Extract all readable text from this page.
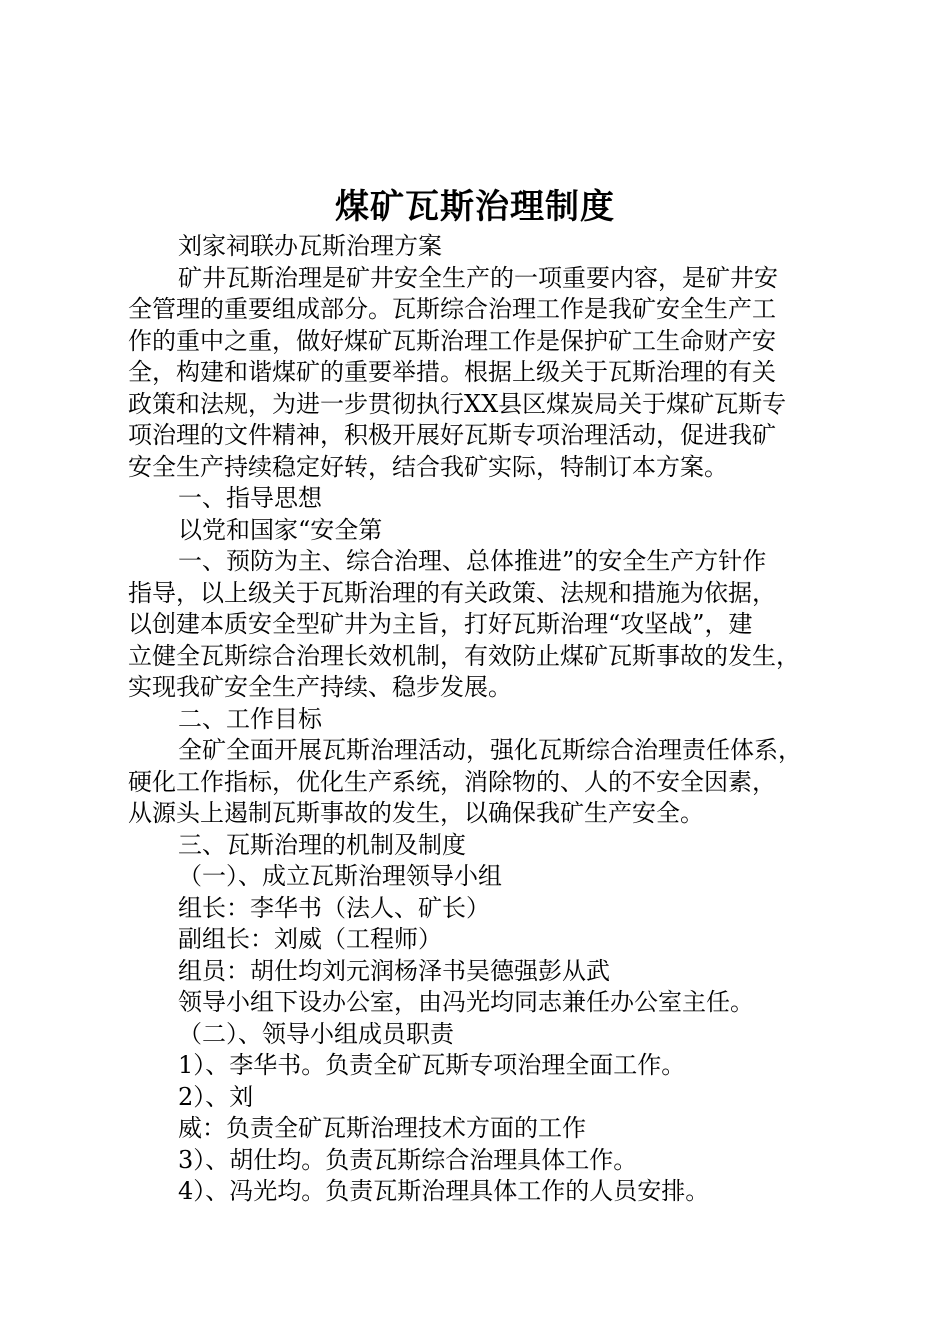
煤矿瓦斯治理制度

刘家祠联办瓦斯治理方案

矿井瓦斯治理是矿井安全生产的一项重要内容，是矿井安

全管理的重要组成部分。瓦斯综合治理工作是我矿安全生产工

作的重中之重，做好煤矿瓦斯治理工作是保护矿工生命财产安

全，构建和谐煤矿的重要举措。根据上级关于瓦斯治理的有关

政策和法规，为进一步贯彻执行XX县区煤炭局关于煤矿瓦斯专

项治理的文件精神，积极开展好瓦斯专项治理活动，促进我矿

安全生产持续稳定好转，结合我矿实际，特制订本方案。

一、指导思想

以党和国家“安全第

一、预防为主、综合治理、总体推进”的安全生产方针作

指导，以上级关于瓦斯治理的有关政策、法规和措施为依据，

以创建本质安全型矿井为主旨，打好瓦斯治理“攻坚战”，建

立健全瓦斯综合治理长效机制，有效防止煤矿瓦斯事故的发生，

实现我矿安全生产持续、稳步发展。

二、工作目标

全矿全面开展瓦斯治理活动，强化瓦斯综合治理责任体系，

硬化工作指标，优化生产系统，消除物的、人的不安全因素，

从源头上遏制瓦斯事故的发生，以确保我矿生产安全。

三、瓦斯治理的机制及制度

（一）、成立瓦斯治理领导小组

组长：李华书（法人、矿长）

副组长：刘威（工程师）

组员：胡仕均刘元润杨泽书吴德强彭从武

领导小组下设办公室，由冯光均同志兼任办公室主任。

（二）、领导小组成员职责

1）、李华书。负责全矿瓦斯专项治理全面工作。

2）、刘

威：负责全矿瓦斯治理技术方面的工作

3）、胡仕均。负责瓦斯综合治理具体工作。

4）、冯光均。负责瓦斯治理具体工作的人员安排。
